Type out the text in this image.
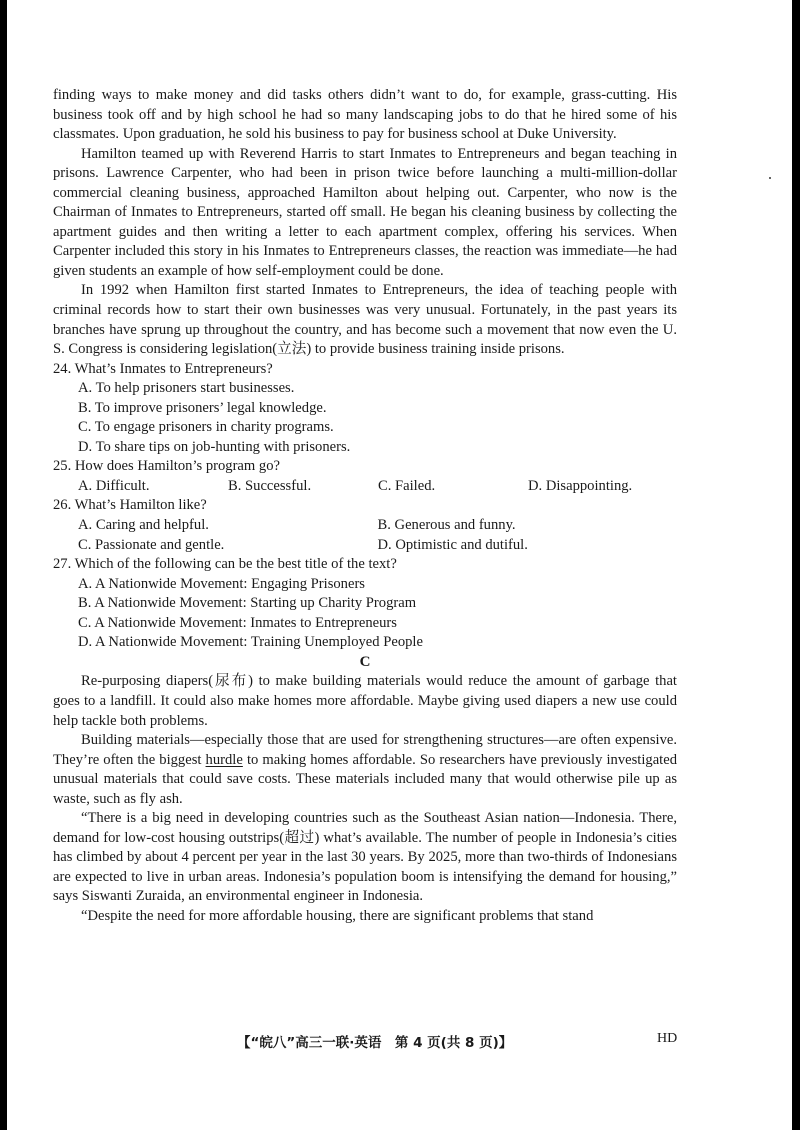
finding ways to make money and did tasks others didn’t want to do, for example, grass-cutting. His business took off and by high school he had so many landscaping jobs to do that he hired some of his classmates. Upon graduation, he sold his business to pay for business school at Duke University.

Hamilton teamed up with Reverend Harris to start Inmates to Entrepreneurs and began teaching in prisons. Lawrence Carpenter, who had been in prison twice before launching a multi-million-dollar commercial cleaning business, approached Hamilton about helping out. Carpenter, who now is the Chairman of Inmates to Entrepreneurs, started off small. He began his cleaning business by collecting the apartment guides and then writing a letter to each apartment complex, offering his services. When Carpenter included this story in his Inmates to Entrepreneurs classes, the reaction was immediate—he had given students an example of how self-employment could be done.

In 1992 when Hamilton first started Inmates to Entrepreneurs, the idea of teaching people with criminal records how to start their own businesses was very unusual. Fortunately, in the past years its branches have sprung up throughout the country, and has become such a movement that now even the U. S. Congress is considering legislation(立法) to provide business training inside prisons.

24. What’s Inmates to Entrepreneurs?
A. To help prisoners start businesses.
B. To improve prisoners’ legal knowledge.
C. To engage prisoners in charity programs.
D. To share tips on job-hunting with prisoners.
25. How does Hamilton’s program go?
A. Difficult.	B. Successful.	C. Failed.	D. Disappointing.
26. What’s Hamilton like?
A. Caring and helpful.	B. Generous and funny.
C. Passionate and gentle.	D. Optimistic and dutiful.
27. Which of the following can be the best title of the text?
A. A Nationwide Movement: Engaging Prisoners
B. A Nationwide Movement: Starting up Charity Program
C. A Nationwide Movement: Inmates to Entrepreneurs
D. A Nationwide Movement: Training Unemployed People
C

Re-purposing diapers(尿布) to make building materials would reduce the amount of garbage that goes to a landfill. It could also make homes more affordable. Maybe giving used diapers a new use could help tackle both problems.

Building materials—especially those that are used for strengthening structures—are often expensive. They’re often the biggest hurdle to making homes affordable. So researchers have previously investigated unusual materials that could save costs. These materials included many that would otherwise pile up as waste, such as fly ash.

“There is a big need in developing countries such as the Southeast Asian nation—Indonesia. There, demand for low-cost housing outstrips(超过) what’s available. The number of people in Indonesia’s cities has climbed by about 4 percent per year in the last 30 years. By 2025, more than two-thirds of Indonesians are expected to live in urban areas. Indonesia’s population boom is intensifying the demand for housing,” says Siswanti Zuraida, an environmental engineer in Indonesia.

“Despite the need for more affordable housing, there are significant problems that stand

【“皖八”高三一联·英语　第 4 页(共 8 页)】	HD
